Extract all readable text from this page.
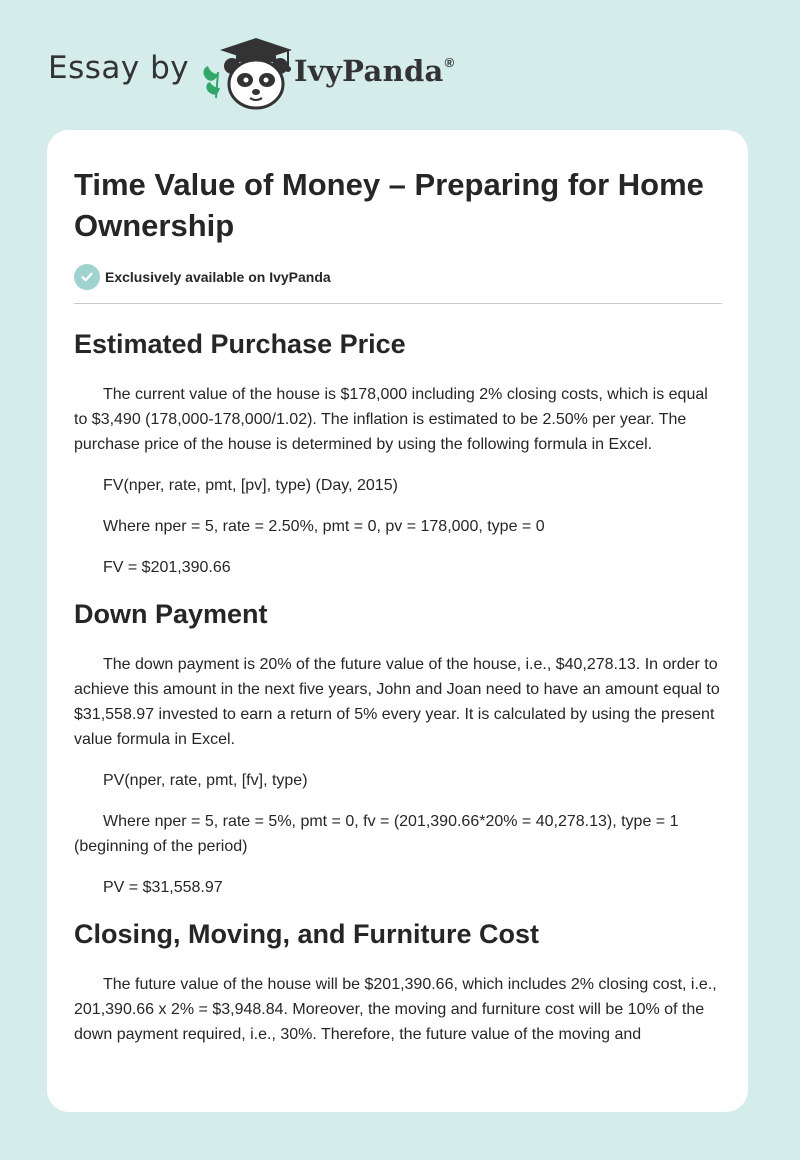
Essay by	IvyPanda®
Time Value of Money – Preparing for Home Ownership
Exclusively available on IvyPanda
Estimated Purchase Price

The current value of the house is $178,000 including 2% closing costs, which is equal to $3,490 (178,000-178,000/1.02). The inflation is estimated to be 2.50% per year. The purchase price of the house is determined by using the following formula in Excel.

FV(nper, rate, pmt, [pv], type) (Day, 2015)

Where nper = 5, rate = 2.50%, pmt = 0, pv = 178,000, type = 0

FV = $201,390.66

Down Payment

The down payment is 20% of the future value of the house, i.e., $40,278.13. In order to achieve this amount in the next five years, John and Joan need to have an amount equal to $31,558.97 invested to earn a return of 5% every year. It is calculated by using the present value formula in Excel.

PV(nper, rate, pmt, [fv], type)

Where nper = 5, rate = 5%, pmt = 0, fv = (201,390.66*20% = 40,278.13), type = 1 (beginning of the period)

PV = $31,558.97

Closing, Moving, and Furniture Cost

The future value of the house will be $201,390.66, which includes 2% closing cost, i.e., 201,390.66 x 2% = $3,948.84. Moreover, the moving and furniture cost will be 10% of the down payment required, i.e., 30%. Therefore, the future value of the moving and
